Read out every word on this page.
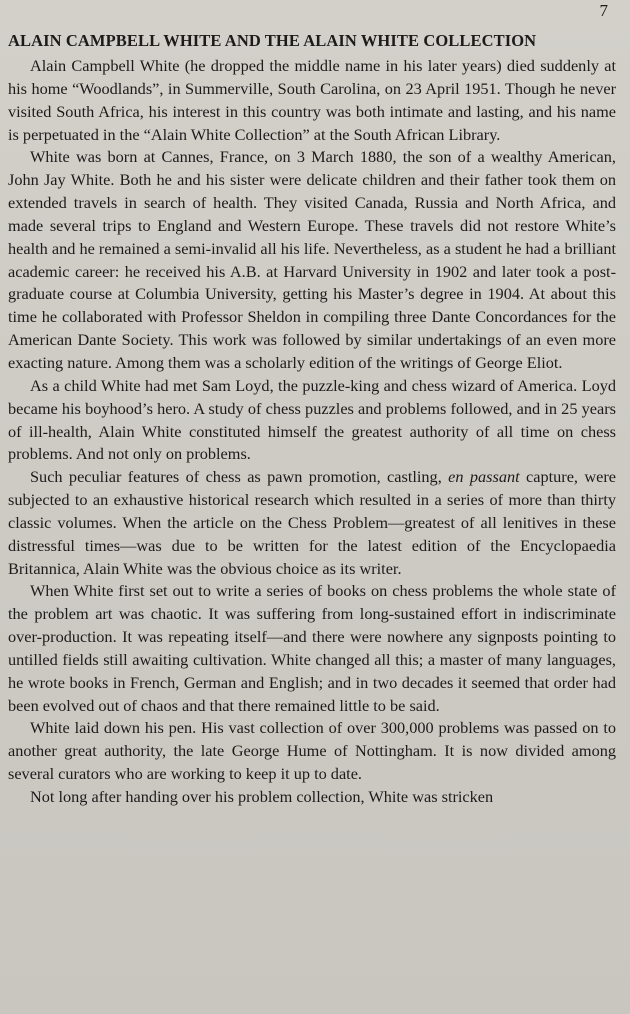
7
ALAIN CAMPBELL WHITE AND THE ALAIN WHITE COLLECTION

Alain Campbell White (he dropped the middle name in his later years) died suddenly at his home “Woodlands”, in Summerville, South Carolina, on 23 April 1951. Though he never visited South Africa, his interest in this country was both intimate and lasting, and his name is perpetuated in the “Alain White Collection” at the South African Library.

White was born at Cannes, France, on 3 March 1880, the son of a wealthy American, John Jay White. Both he and his sister were delicate children and their father took them on extended travels in search of health. They visited Canada, Russia and North Africa, and made several trips to England and Western Europe. These travels did not restore White’s health and he remained a semi-invalid all his life. Nevertheless, as a student he had a brilliant academic career: he received his A.B. at Harvard University in 1902 and later took a post-graduate course at Columbia University, getting his Master’s degree in 1904. At about this time he collaborated with Professor Sheldon in compiling three Dante Concordances for the American Dante Society. This work was followed by similar undertakings of an even more exacting nature. Among them was a scholarly edition of the writings of George Eliot.

As a child White had met Sam Loyd, the puzzle-king and chess wizard of America. Loyd became his boyhood’s hero. A study of chess puzzles and problems followed, and in 25 years of ill-health, Alain White constituted himself the greatest authority of all time on chess problems. And not only on problems.

Such peculiar features of chess as pawn promotion, castling, en passant capture, were subjected to an exhaustive historical research which resulted in a series of more than thirty classic volumes. When the article on the Chess Problem—greatest of all lenitives in these distressful times—was due to be written for the latest edition of the Encyclopaedia Britannica, Alain White was the obvious choice as its writer.

When White first set out to write a series of books on chess problems the whole state of the problem art was chaotic. It was suffering from long-sustained effort in indiscriminate over-production. It was repeating itself—and there were nowhere any signposts pointing to untilled fields still awaiting cultivation. White changed all this; a master of many languages, he wrote books in French, German and English; and in two decades it seemed that order had been evolved out of chaos and that there remained little to be said.

White laid down his pen. His vast collection of over 300,000 problems was passed on to another great authority, the late George Hume of Nottingham. It is now divided among several curators who are working to keep it up to date.

Not long after handing over his problem collection, White was stricken
